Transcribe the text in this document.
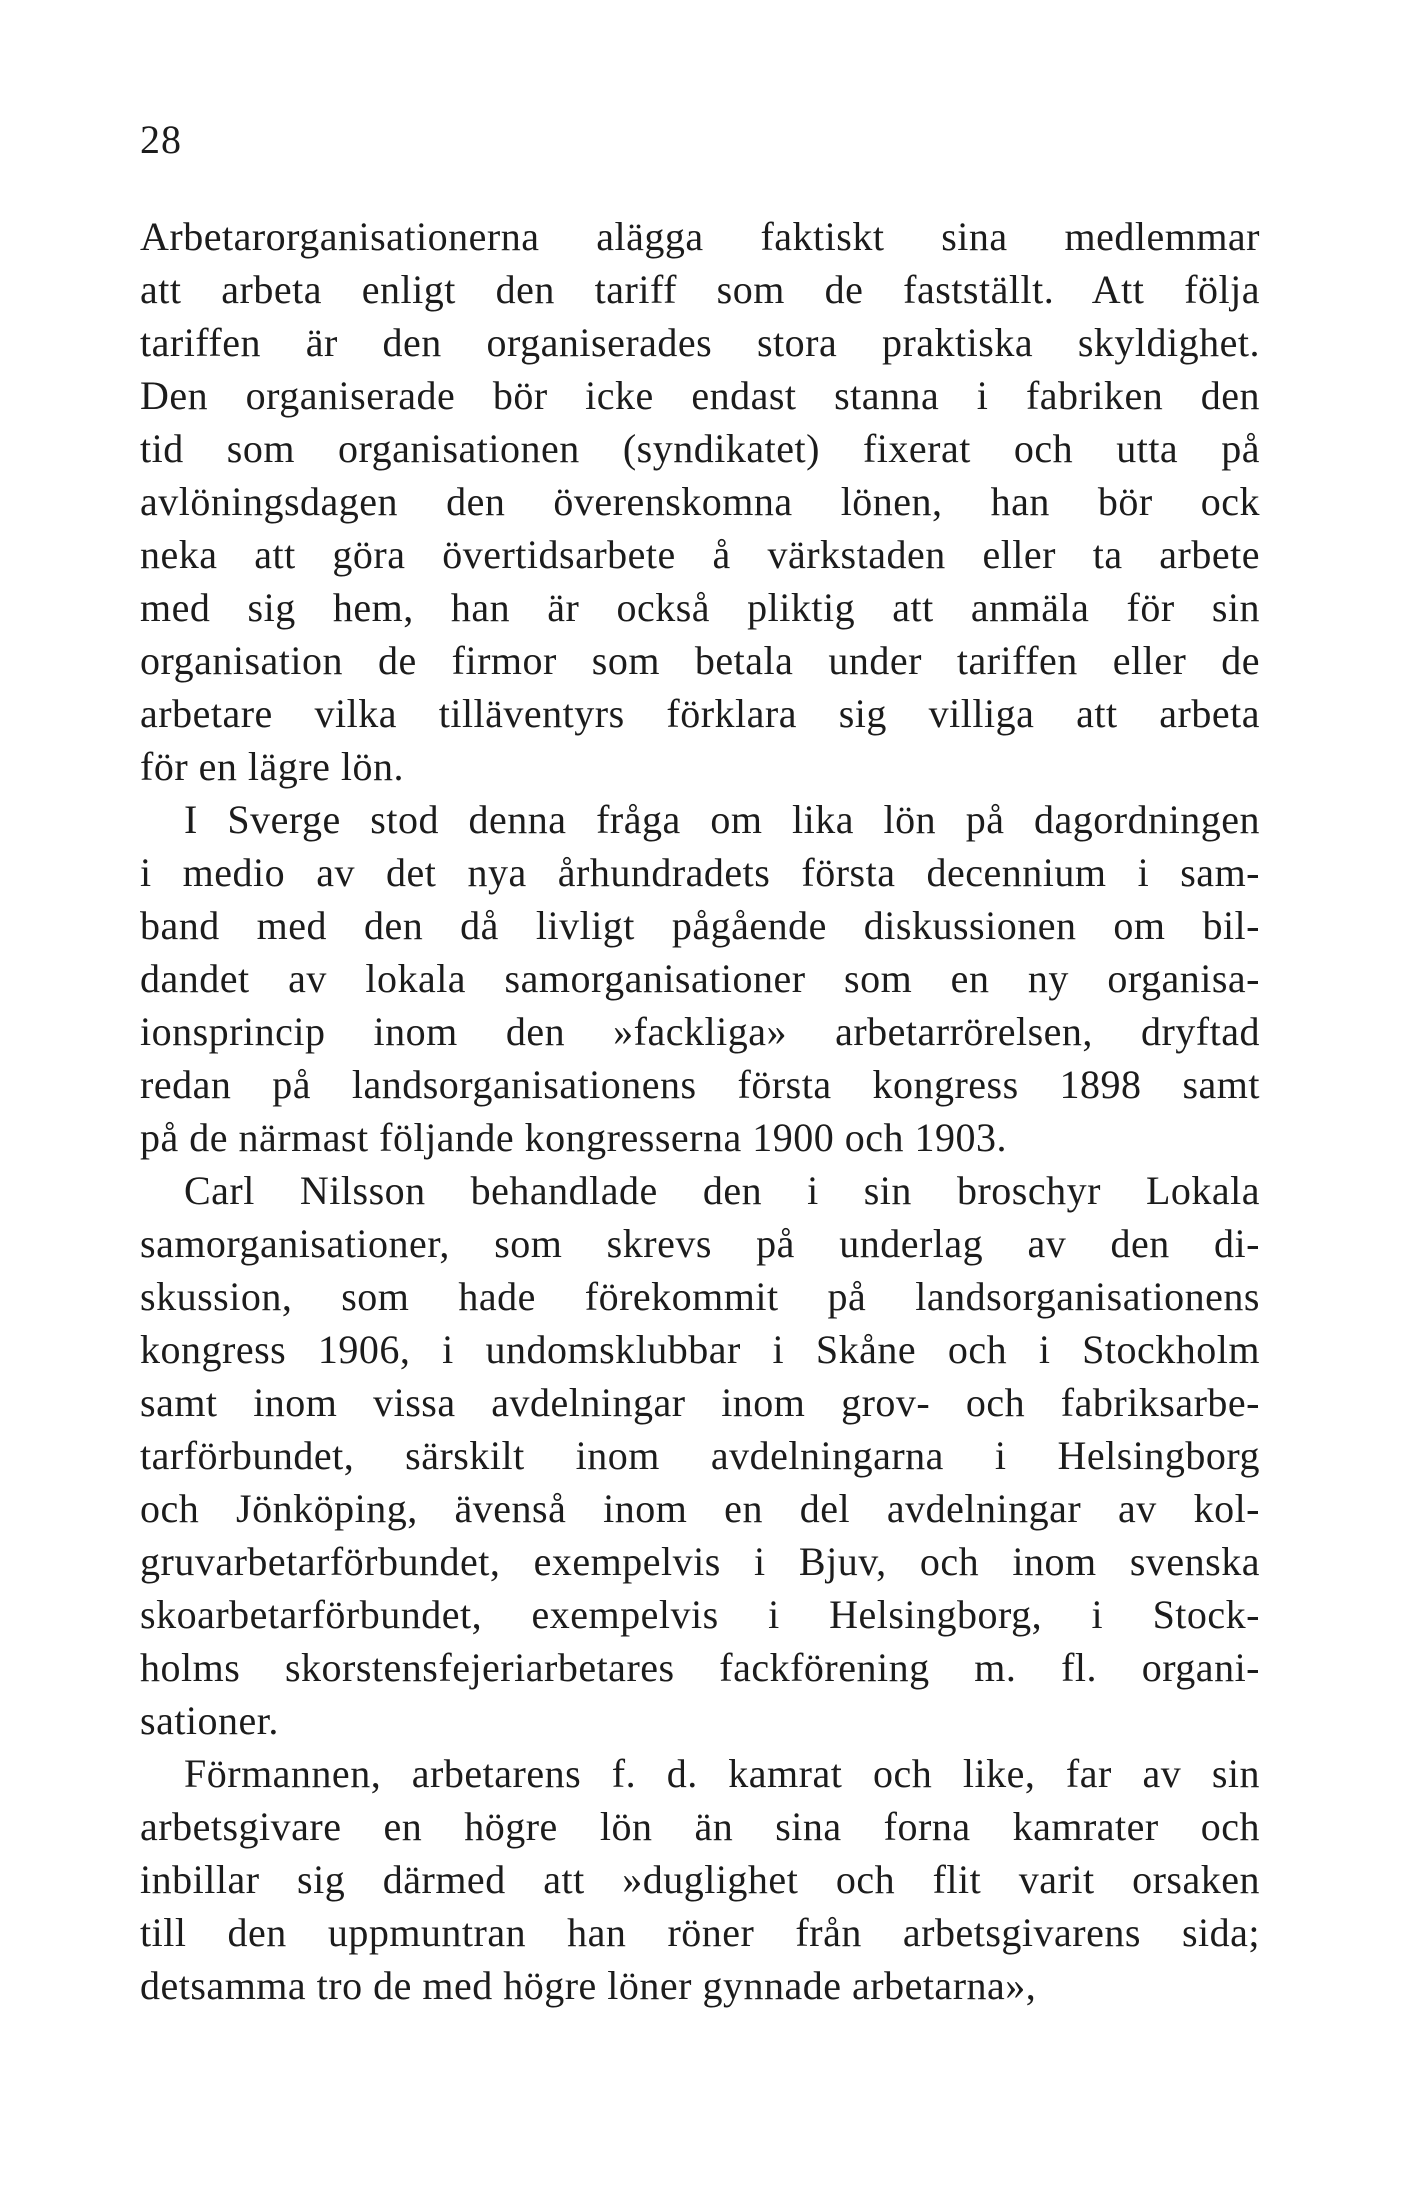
28
Arbetarorganisationerna alägga faktiskt sina medlemmar
att arbeta enligt den tariff som de fastställt. Att följa
tariffen är den organiserades stora praktiska skyldighet.
Den organiserade bör icke endast stanna i fabriken den
tid som organisationen (syndikatet) fixerat och utta på
avlöningsdagen den överenskomna lönen, han bör ock
neka att göra övertidsarbete å värkstaden eller ta arbete
med sig hem, han är också pliktig att anmäla för sin
organisation de firmor som betala under tariffen eller de
arbetare vilka tilläventyrs förklara sig villiga att arbeta
för en lägre lön.
I Sverge stod denna fråga om lika lön på dagordningen
i medio av det nya århundradets första decennium i sam-
band med den då livligt pågående diskussionen om bil-
dandet av lokala samorganisationer som en ny organisa-
ionsprincip inom den »fackliga» arbetarrörelsen, dryftad
redan på landsorganisationens första kongress 1898 samt
på de närmast följande kongresserna 1900 och 1903.
Carl Nilsson behandlade den i sin broschyr Lokala
samorganisationer, som skrevs på underlag av den di-
skussion, som hade förekommit på landsorganisationens
kongress 1906, i undomsklubbar i Skåne och i Stockholm
samt inom vissa avdelningar inom grov- och fabriksarbe-
tarförbundet, särskilt inom avdelningarna i Helsingborg
och Jönköping, ävenså inom en del avdelningar av kol-
gruvarbetarförbundet, exempelvis i Bjuv, och inom svenska
skoarbetarförbundet, exempelvis i Helsingborg, i Stock-
holms skorstensfejeriarbetares fackförening m. fl. organi-
sationer.
Förmannen, arbetarens f. d. kamrat och like, far av sin
arbetsgivare en högre lön än sina forna kamrater och
inbillar sig därmed att »duglighet och flit varit orsaken
till den uppmuntran han röner från arbetsgivarens sida;
detsamma tro de med högre löner gynnade arbetarna»,
